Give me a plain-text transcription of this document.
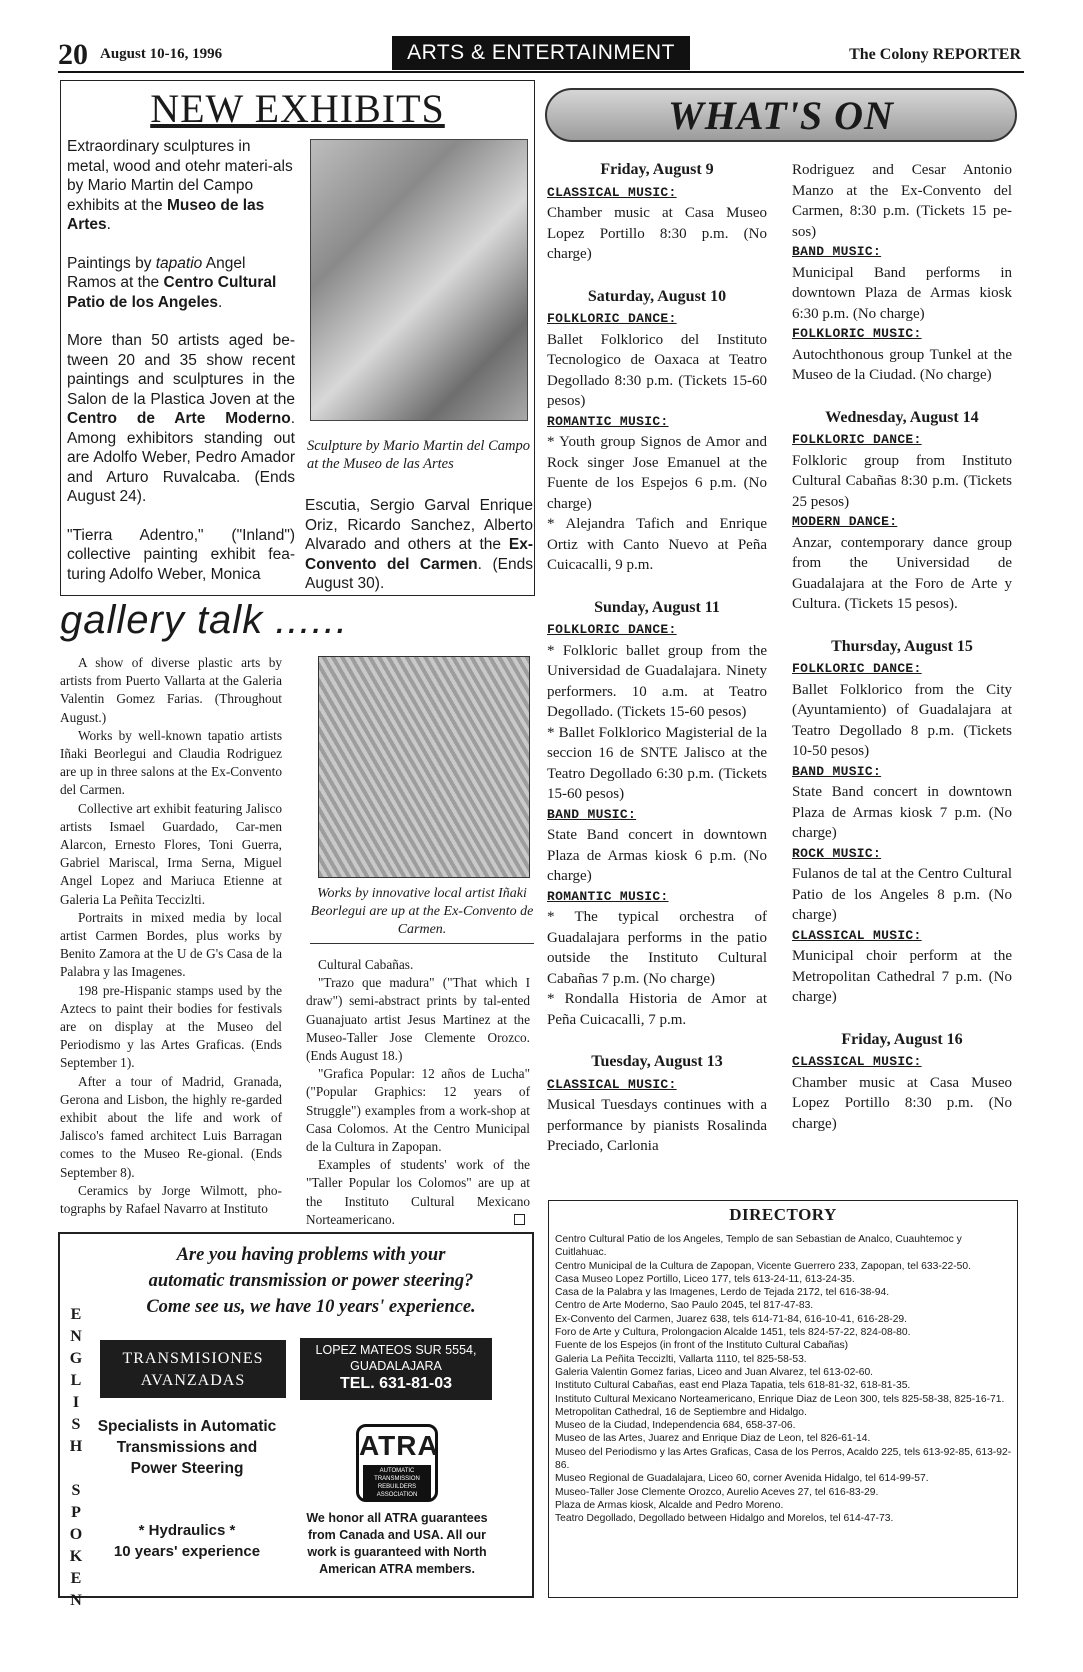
20 August 10-16, 1996	ARTS & ENTERTAINMENT	The Colony REPORTER
NEW EXHIBITS

Extraordinary sculptures in metal, wood and otehr materi-als by Mario Martin del Campo exhibits at the Museo de las Artes.

Paintings by tapatio Angel Ramos at the Centro Cultural Patio de los Angeles.

More than 50 artists aged be-tween 20 and 35 show recent paintings and sculptures in the Salon de la Plastica Joven at the Centro de Arte Moderno. Among exhibitors standing out are Adolfo Weber, Pedro Amador and Arturo Ruvalcaba. (Ends August 24).

"Tierra Adentro," ("Inland") collective painting exhibit fea-turing Adolfo Weber, Monica

Sculpture by Mario Martin del Campo at the Museo de las Artes
Escutia, Sergio Garval Enrique Oriz, Ricardo Sanchez, Alberto Alvarado and others at the Ex-Convento del Carmen. (Ends August 30).
gallery talk ......

A show of diverse plastic arts by artists from Puerto Vallarta at the Galeria Valentin Gomez Farias. (Throughout August.)

Works by well-known tapatio artists Iñaki Beorlegui and Claudia Rodriguez are up in three salons at the Ex-Convento del Carmen.

Collective art exhibit featuring Jalisco artists Ismael Guardado, Car-men Alarcon, Ernesto Flores, Toni Guerra, Gabriel Mariscal, Irma Serna, Miguel Angel Lopez and Mariuca Etienne at Galeria La Peñita Teccizlti.

Portraits in mixed media by local artist Carmen Bordes, plus works by Benito Zamora at the U de G's Casa de la Palabra y las Imagenes.

198 pre-Hispanic stamps used by the Aztecs to paint their bodies for festivals are on display at the Museo del Periodismo y las Artes Graficas. (Ends September 1).

After a tour of Madrid, Granada, Gerona and Lisbon, the highly re-garded exhibit about the life and work of Jalisco's famed architect Luis Barragan comes to the Museo Re-gional. (Ends September 8).

Ceramics by Jorge Wilmott, pho-tographs by Rafael Navarro at Instituto

Works by innovative local artist Iñaki Beorlegui are up at the Ex-Convento de Carmen.

Cultural Cabañas.

"Trazo que madura" ("That which I draw") semi-abstract prints by tal-ented Guanajuato artist Jesus Martinez at the Museo-Taller Jose Clemente Orozco. (Ends August 18.)

"Grafica Popular: 12 años de Lucha" ("Popular Graphics: 12 years of Struggle") examples from a work-shop at Casa Colomos. At the Centro Municipal de la Cultura in Zapopan.

Examples of students' work of the "Taller Popular los Colomos" are up at the Instituto Cultural Mexicano Norteamericano.

WHAT'S ON
Friday, August 9
CLASSICAL MUSIC:
Chamber music at Casa Museo Lopez Portillo 8:30 p.m. (No charge)
Saturday, August 10
FOLKLORIC DANCE:
Ballet Folklorico del Instituto Tecnologico de Oaxaca at Teatro Degollado 8:30 p.m. (Tickets 15-60 pesos)
ROMANTIC MUSIC:
* Youth group Signos de Amor and Rock singer Jose Emanuel at the Fuente de los Espejos 6 p.m. (No charge)
* Alejandra Tafich and Enrique Ortiz with Canto Nuevo at Peña Cuicacalli, 9 p.m.
Sunday, August 11
FOLKLORIC DANCE:
* Folkloric ballet group from the Universidad de Guadalajara. Ninety performers. 10 a.m. at Teatro Degollado. (Tickets 15-60 pesos)
* Ballet Folklorico Magisterial de la seccion 16 de SNTE Jalisco at the Teatro Degollado 6:30 p.m. (Tickets 15-60 pesos)
BAND MUSIC:
State Band concert in downtown Plaza de Armas kiosk 6 p.m. (No charge)
ROMANTIC MUSIC:
* The typical orchestra of Guadalajara performs in the patio outside the Instituto Cultural Cabañas 7 p.m. (No charge)
* Rondalla Historia de Amor at Peña Cuicacalli, 7 p.m.
Tuesday, August 13
CLASSICAL MUSIC:
Musical Tuesdays continues with a performance by pianists Rosalinda Preciado, Carlonia
Rodriguez and Cesar Antonio Manzo at the Ex-Convento del Carmen, 8:30 p.m. (Tickets 15 pe-sos)
BAND MUSIC:
Municipal Band performs in downtown Plaza de Armas kiosk 6:30 p.m. (No charge)
FOLKLORIC MUSIC:
Autochthonous group Tunkel at the Museo de la Ciudad. (No charge)
Wednesday, August 14
FOLKLORIC DANCE:
Folkloric group from Instituto Cultural Cabañas 8:30 p.m. (Tickets 25 pesos)
MODERN DANCE:
Anzar, contemporary dance group from the Universidad de Guadalajara at the Foro de Arte y Cultura. (Tickets 15 pesos).
Thursday, August 15
FOLKLORIC DANCE:
Ballet Folklorico from the City (Ayuntamiento) of Guadalajara at Teatro Degollado 8 p.m. (Tickets 10-50 pesos)
BAND MUSIC:
State Band concert in downtown Plaza de Armas kiosk 7 p.m. (No charge)
ROCK MUSIC:
Fulanos de tal at the Centro Cultural Patio de los Angeles 8 p.m. (No charge)
CLASSICAL MUSIC:
Municipal choir perform at the Metropolitan Cathedral 7 p.m. (No charge)
Friday, August 16
CLASSICAL MUSIC:
Chamber music at Casa Museo Lopez Portillo 8:30 p.m. (No charge)
E
N
G
L
I
S
H

S
P
O
K
E
N
Are you having problems with your
automatic transmission or power steering?
Come see us, we have 10 years' experience.
TRANSMISIONES
AVANZADAS
LOPEZ MATEOS SUR 5554,
GUADALAJARA
TEL. 631-81-03
Specialists in Automatic Transmissions and Power Steering
* Hydraulics *
10 years' experience
ATRA
AUTOMATIC TRANSMISSION REBUILDERS ASSOCIATION
We honor all ATRA guarantees from Canada and USA. All our work is guaranteed with North American ATRA members.
DIRECTORY
Centro Cultural Patio de los Angeles, Templo de san Sebastian de Analco, Cuauhtemoc y Cuitlahuac.
Centro Municipal de la Cultura de Zapopan, Vicente Guerrero 233, Zapopan, tel 633-22-50.
Casa Museo Lopez Portillo, Liceo 177, tels 613-24-11, 613-24-35.
Casa de la Palabra y las Imagenes, Lerdo de Tejada 2172, tel 616-38-94.
Centro de Arte Moderno, Sao Paulo 2045, tel 817-47-83.
Ex-Convento del Carmen, Juarez 638, tels 614-71-84, 616-10-41, 616-28-29.
Foro de Arte y Cultura, Prolongacion Alcalde 1451, tels 824-57-22, 824-08-80.
Fuente de los Espejos (in front of the Instituto Cultural Cabañas)
Galeria La Peñita Teccizlti, Vallarta 1110, tel 825-58-53.
Galeria Valentin Gomez farias, Liceo and Juan Alvarez, tel 613-02-60.
Instituto Cultural Cabañas, east end Plaza Tapatia, tels 618-81-32, 618-81-35.
Instituto Cultural Mexicano Norteamericano, Enrique Diaz de Leon 300, tels 825-58-38, 825-16-71.
Metropolitan Cathedral, 16 de Septiembre and Hidalgo.
Museo de la Ciudad, Independencia 684, 658-37-06.
Museo de las Artes, Juarez and Enrique Diaz de Leon, tel 826-61-14.
Museo del Periodismo y las Artes Graficas, Casa de los Perros, Acaldo 225, tels 613-92-85, 613-92-86.
Museo Regional de Guadalajara, Liceo 60, corner Avenida Hidalgo, tel 614-99-57.
Museo-Taller Jose Clemente Orozco, Aurelio Aceves 27, tel 616-83-29.
Plaza de Armas kiosk, Alcalde and Pedro Moreno.
Teatro Degollado, Degollado between Hidalgo and Morelos, tel 614-47-73.
